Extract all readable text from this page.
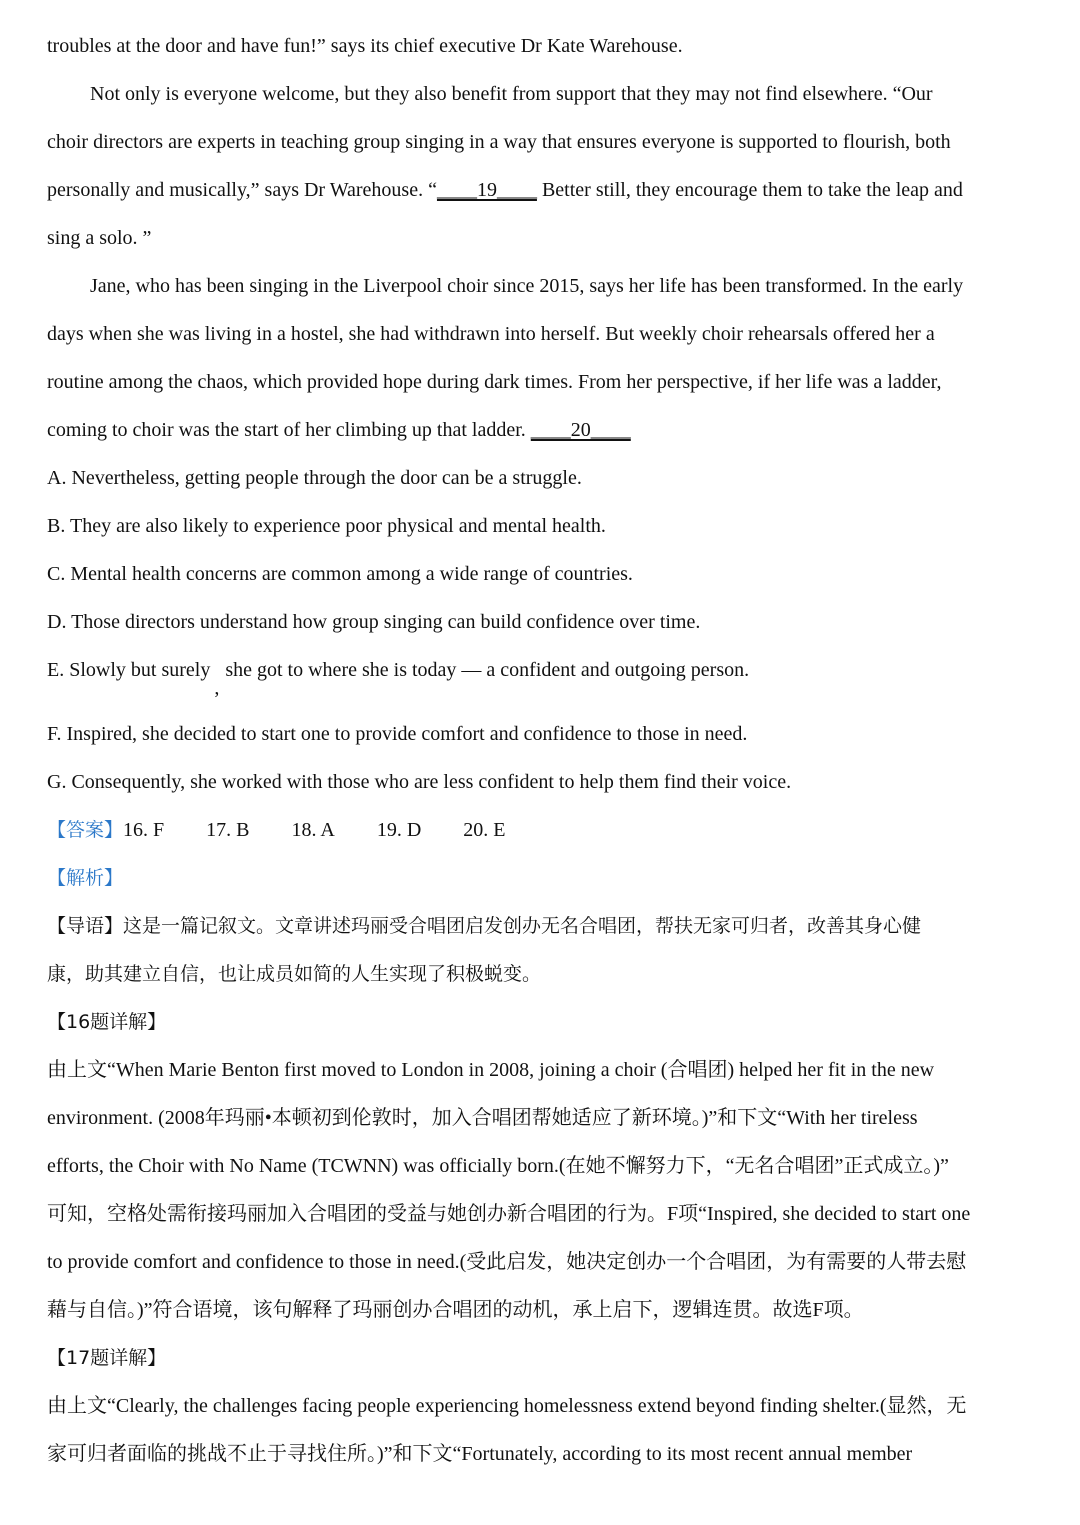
troubles at the door and have fun!” says its chief executive Dr Kate Warehouse.
Not only is everyone welcome, but they also benefit from support that they may not find elsewhere. “Our
choir directors are experts in teaching group singing in a way that ensures everyone is supported to flourish, both
personally and musically,” says Dr Warehouse. “____19____ Better still, they encourage them to take the leap and
sing a solo. ”
Jane, who has been singing in the Liverpool choir since 2015, says her life has been transformed. In the early
days when she was living in a hostel, she had withdrawn into herself. But weekly choir rehearsals offered her a
routine among the chaos, which provided hope during dark times. From her perspective, if her life was a ladder,
coming to choir was the start of her climbing up that ladder. ____20____
A. Nevertheless, getting people through the door can be a struggle.
B. They are also likely to experience poor physical and mental health.
C. Mental health concerns are common among a wide range of countries.
D. Those directors understand how group singing can build confidence over time.
E. Slowly but surely,she got to where she is today — a confident and outgoing person.
F. Inspired, she decided to start one to provide comfort and confidence to those in need.
G. Consequently, she worked with those who are less confident to help them find their voice.
【答案】16. F 17. B 18. A 19. D 20. E
【解析】
【导语】这是一篇记叙文。文章讲述玛丽受合唱团启发创办无名合唱团，帮扶无家可归者，改善其身心健
康，助其建立自信，也让成员如简的人生实现了积极蜕变。
【16题详解】
由上文“When Marie Benton first moved to London in 2008, joining a choir (合唱团) helped her fit in the new
environment. (2008年玛丽•本顿初到伦敦时，加入合唱团帮她适应了新环境。)”和下文“With her tireless
efforts, the Choir with No Name (TCWNN) was officially born.(在她不懈努力下，“无名合唱团”正式成立。)”
可知，空格处需衔接玛丽加入合唱团的受益与她创办新合唱团的行为。F项“Inspired, she decided to start one
to provide comfort and confidence to those in need.(受此启发，她决定创办一个合唱团，为有需要的人带去慰
藉与自信。)”符合语境，该句解释了玛丽创办合唱团的动机，承上启下，逻辑连贯。故选F项。
【17题详解】
由上文“Clearly, the challenges facing people experiencing homelessness extend beyond finding shelter.(显然，无
家可归者面临的挑战不止于寻找住所。)”和下文“Fortunately, according to its most recent annual member
